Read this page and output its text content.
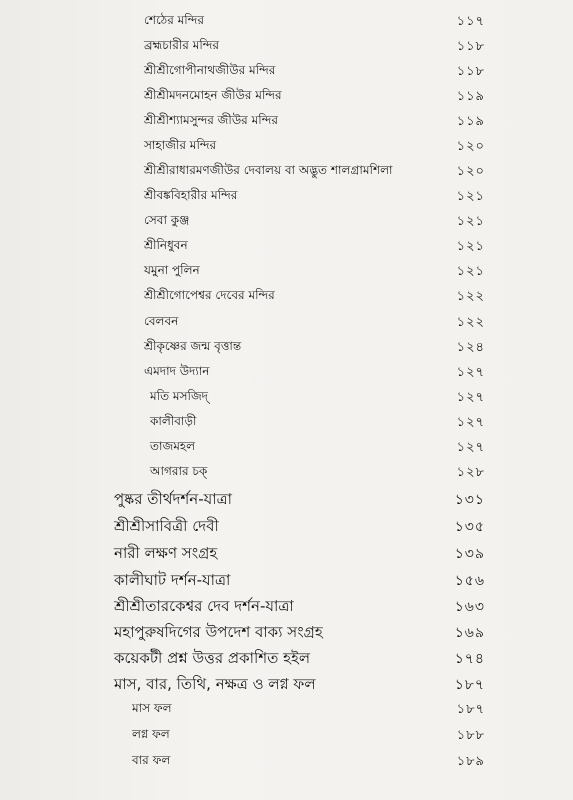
শেঠের মন্দির	১১৭
ব্রহ্মচারীর মন্দির	১১৮
শ্রীশ্রীগোপীনাথজীউর মন্দির	১১৮
শ্রীশ্রীমদনমোহন জীউর মন্দির	১১৯
শ্রীশ্রীশ্যামসুন্দর জীউর মন্দির	১১৯
সাহাজীর মন্দির	১২০
শ্রীশ্রীরাধারমণজীউর দেবালয় বা অদ্ভুত শালগ্রামশিলা	১২০
শ্রীবঙ্কবিহারীর মন্দির	১২১
সেবা কুঞ্জ	১২১
শ্রীনিধুবন	১২১
যমুনা পুলিন	১২১
শ্রীশ্রীগোপেশ্বর দেবের মন্দির	১২২
বেলবন	১২২
শ্রীকৃষ্ণের জন্ম বৃত্তান্ত	১২৪
এমদাদ উদ্যান	১২৭
মতি মসজিদ্‌	১২৭
কালীবাড়ী	১২৭
তাজমহল	১২৭
আগরার চক্‌	১২৮
পুষ্কর তীর্থদর্শন-যাত্রা	১৩১
শ্রীশ্রীসাবিত্রী দেবী	১৩৫
নারী লক্ষণ সংগ্রহ	১৩৯
কালীঘাট দর্শন-যাত্রা	১৫৬
শ্রীশ্রীতারকেশ্বর দেব দর্শন-যাত্রা	১৬৩
মহাপুরুষদিগের উপদেশ বাক্য সংগ্রহ	১৬৯
কয়েকটী প্রশ্ন উত্তর প্রকাশিত হইল	১৭৪
মাস, বার, তিথি, নক্ষত্র ও লগ্ন ফল	১৮৭
মাস ফল	১৮৭
লগ্ন ফল	১৮৮
বার ফল	১৮৯
